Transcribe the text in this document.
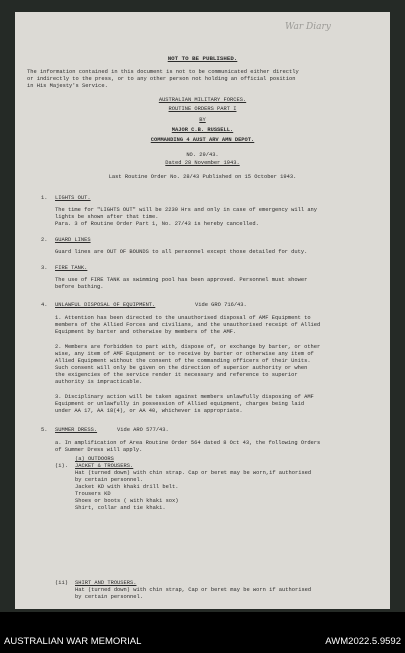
War Diary
NOT TO BE PUBLISHED.
The information contained in this document is not to be communicated either directly
or indirectly to the press, or to any other person not holding an official position
in His Majesty's Service.
AUSTRALIAN MILITARY FORCES.
ROUTINE ORDERS PART I
BY
MAJOR C.B. RUSSELL.
COMMANDING 4 AUST ARV AMN DEPOT.
NO. 29/43.
Dated 28 November 1943.
Last Routine Order No. 28/43 Published on 15 October 1943.
1. LIGHTS OUT.
The time for "LIGHTS OUT" will be 2230 Hrs and only in case of emergency will any
lights be shown after that time.
Para. 3 of Routine Order Part 1, No. 27/43 is hereby cancelled.
2. GUARD LINES
Guard lines are OUT OF BOUNDS to all personnel except those detailed for duty.
3. FIRE TANK.
The use of FIRE TANK as swimming pool has been approved. Personnel must shower
before bathing.
4. UNLAWFUL DISPOSAL OF EQUIPMENT.	Vide GRO 716/43.
1. Attention has been directed to the unauthorised disposal of AMF Equipment to
members of the Allied Forces and civilians, and the unauthorised receipt of Allied
Equipment by barter and otherwise by members of the AMF.
2. Members are forbidden to part with, dispose of, or exchange by barter, or other
wise, any item of AMF Equipment or to receive by barter or otherwise any item of
Allied Equipment without the consent of the commanding officers of their Units.
Such consent will only be given on the direction of superior authority or when
the exigencies of the service render it necessary and reference to superior
authority is impracticable.
3. Disciplinary action will be taken against members unlawfully disposing of AMF
Equipment or unlawfully in possession of Allied equipment, charges being laid
under AA 17, AA 18(4), or AA 40, whichever is appropriate.
5. SUMMER DRESS.	Vide ARO 577/43.
a. In amplification of Area Routine Order 564 dated 8 Oct 43, the following Orders
of Summer Dress will apply.
(a) OUTDOORS
(i). JACKET & TROUSERS.
Hat (turned down) with chin strap. Cap or beret may be worn,if authorised
by certain personnel.
Jacket KD with khaki drill belt.
Trousers KD
Shoes or boots ( with khaki sox)
Shirt, collar and tie khaki.
(ii) SHIRT AND TROUSERS.
Hat (turned down) with chin strap, Cap or beret may be worn if authorised
by certain personnel.
AUSTRALIAN WAR MEMORIAL	AWM2022.5.9592
